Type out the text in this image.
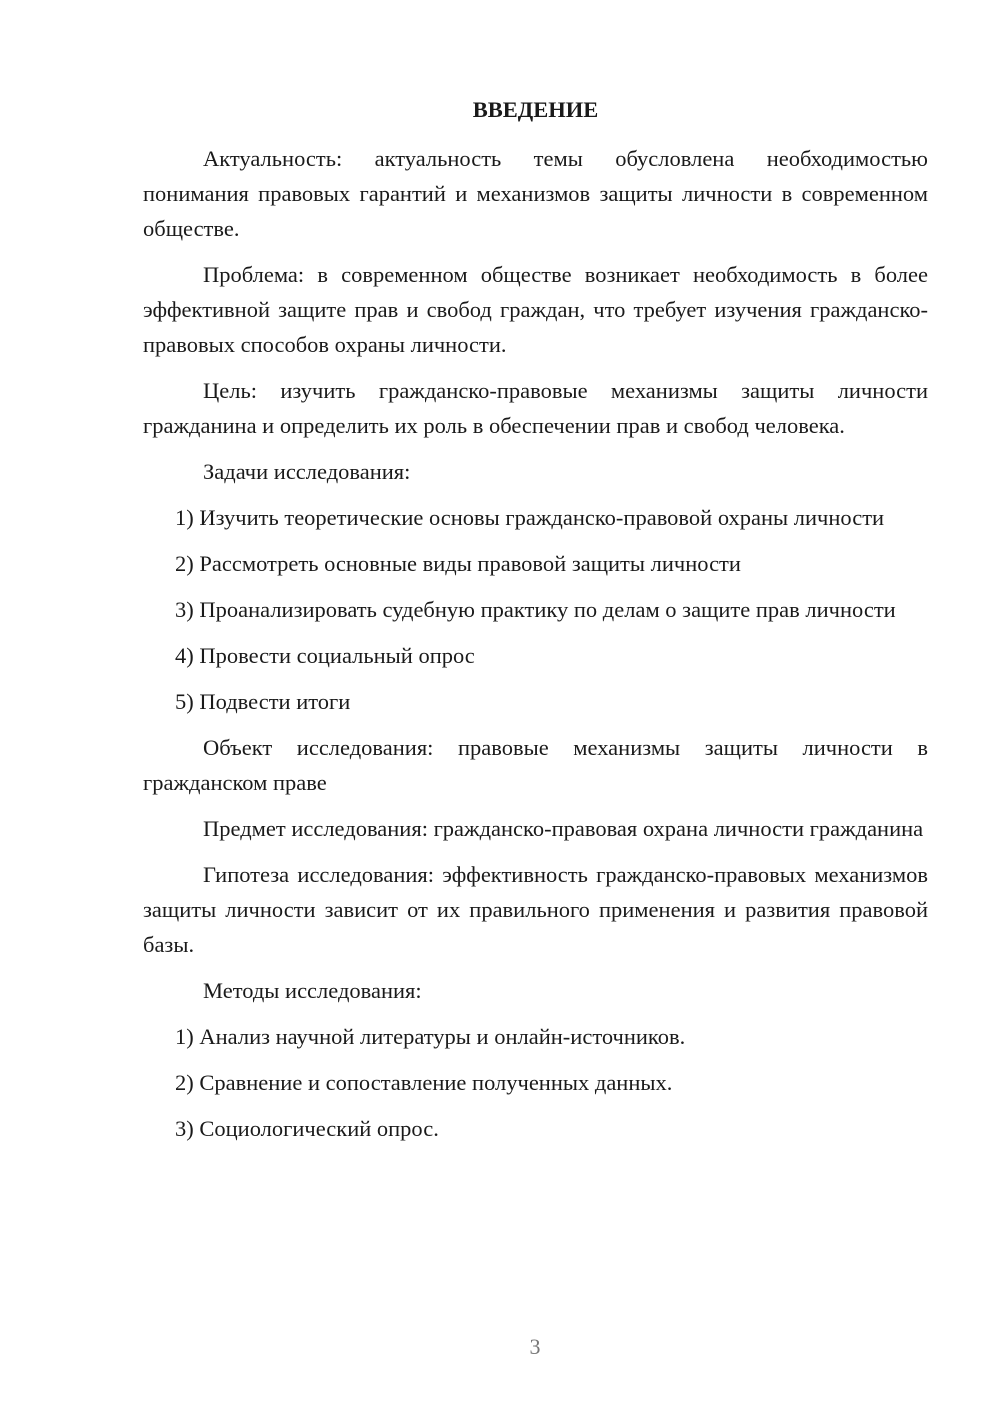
ВВЕДЕНИЕ

Актуальность: актуальность темы обусловлена необходимостью понимания правовых гарантий и механизмов защиты личности в современном обществе.

Проблема: в современном обществе возникает необходимость в более эффективной защите прав и свобод граждан, что требует изучения гражданско-правовых способов охраны личности.

Цель: изучить гражданско-правовые механизмы защиты личности гражданина и определить их роль в обеспечении прав и свобод человека.

Задачи исследования:

1) Изучить теоретические основы гражданско-правовой охраны личности

2) Рассмотреть основные виды правовой защиты личности

3) Проанализировать судебную практику по делам о защите прав личности

4) Провести социальный опрос

5) Подвести итоги

Объект исследования: правовые механизмы защиты личности в гражданском праве

Предмет исследования: гражданско-правовая охрана личности гражданина

Гипотеза исследования: эффективность гражданско-правовых механизмов защиты личности зависит от их правильного применения и развития правовой базы.

Методы исследования:

1) Анализ научной литературы и онлайн-источников.

2) Сравнение и сопоставление полученных данных.

3) Социологический опрос.

3
